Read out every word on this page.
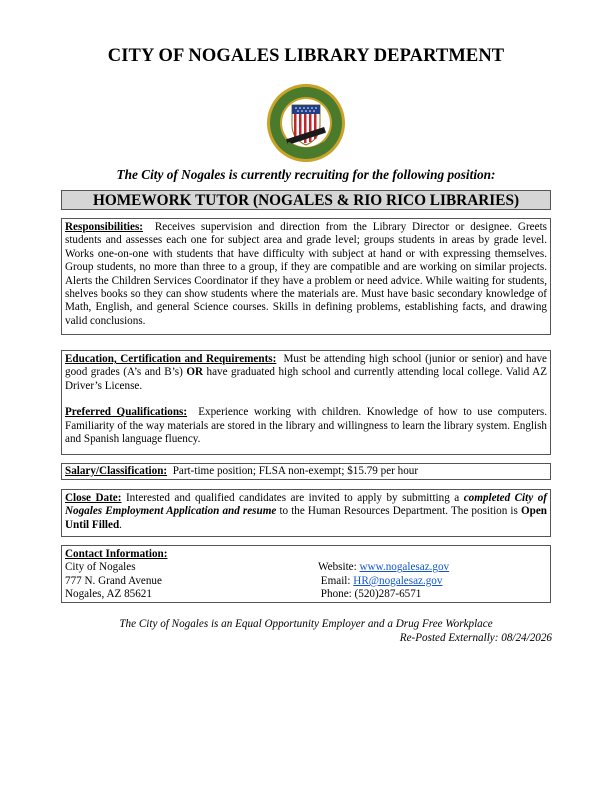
CITY OF NOGALES LIBRARY DEPARTMENT
The City of Nogales is currently recruiting for the following position:
HOMEWORK TUTOR (NOGALES & RIO RICO LIBRARIES)

Responsibilities: Receives supervision and direction from the Library Director or designee. Greets students and assesses each one for subject area and grade level; groups students in areas by grade level. Works one-on-one with students that have difficulty with subject at hand or with expressing themselves. Group students, no more than three to a group, if they are compatible and are working on similar projects. Alerts the Children Services Coordinator if they have a problem or need advice. While waiting for students, shelves books so they can show students where the materials are. Must have basic secondary knowledge of Math, English, and general Science courses. Skills in defining problems, establishing facts, and drawing valid conclusions.

Education, Certification and Requirements: Must be attending high school (junior or senior) and have good grades (A’s and B’s) OR have graduated high school and currently attending local college. Valid AZ Driver’s License.

Preferred Qualifications: Experience working with children. Knowledge of how to use computers. Familiarity of the way materials are stored in the library and willingness to learn the library system. English and Spanish language fluency.

Salary/Classification: Part-time position; FLSA non-exempt; $15.79 per hour

Close Date: Interested and qualified candidates are invited to apply by submitting a completed City of Nogales Employment Application and resume to the Human Resources Department. The position is Open Until Filled.

Contact Information:
City of Nogales
777 N. Grand Avenue
Nogales, AZ 85621
Website: www.nogalesaz.gov
Email: HR@nogalesaz.gov
Phone: (520)287-6571
The City of Nogales is an Equal Opportunity Employer and a Drug Free Workplace
Re-Posted Externally: 08/24/2026
